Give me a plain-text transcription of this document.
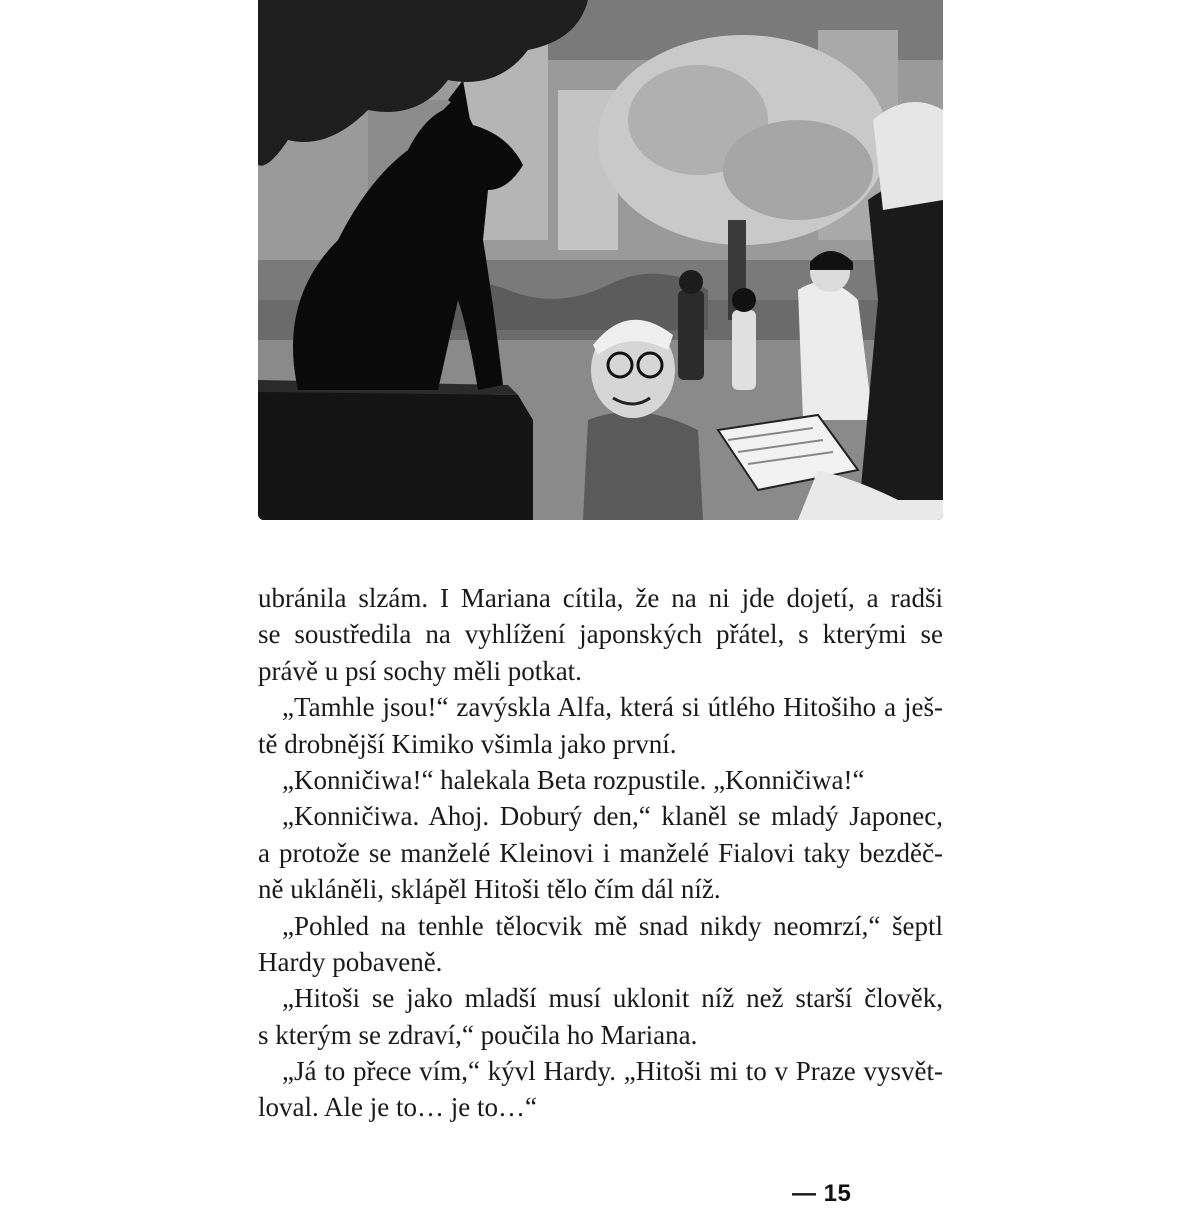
ubránila slzám. I Mariana cítila, že na ni jde dojetí, a radši
se soustředila na vyhlížení japonských přátel, s kterými se
právě u psí sochy měli potkat.
„Tamhle jsou!“ zavýskla Alfa, která si útlého Hitošiho a ješ-
tě drobnější Kimiko všimla jako první.
„Konničiwa!“ halekala Beta rozpustile. „Konničiwa!“
„Konničiwa. Ahoj. Doburý den,“ klaněl se mladý Japonec,
a protože se manželé Kleinovi i manželé Fialovi taky bezděč-
ně ukláněli, sklápěl Hitoši tělo čím dál níž.
„Pohled na tenhle tělocvik mě snad nikdy neomrzí,“ šeptl
Hardy pobaveně.
„Hitoši se jako mladší musí uklonit níž než starší člověk,
s kterým se zdraví,“ poučila ho Mariana.
„Já to přece vím,“ kývl Hardy. „Hitoši mi to v Praze vysvět-
loval. Ale je to… je to…“
— 15
